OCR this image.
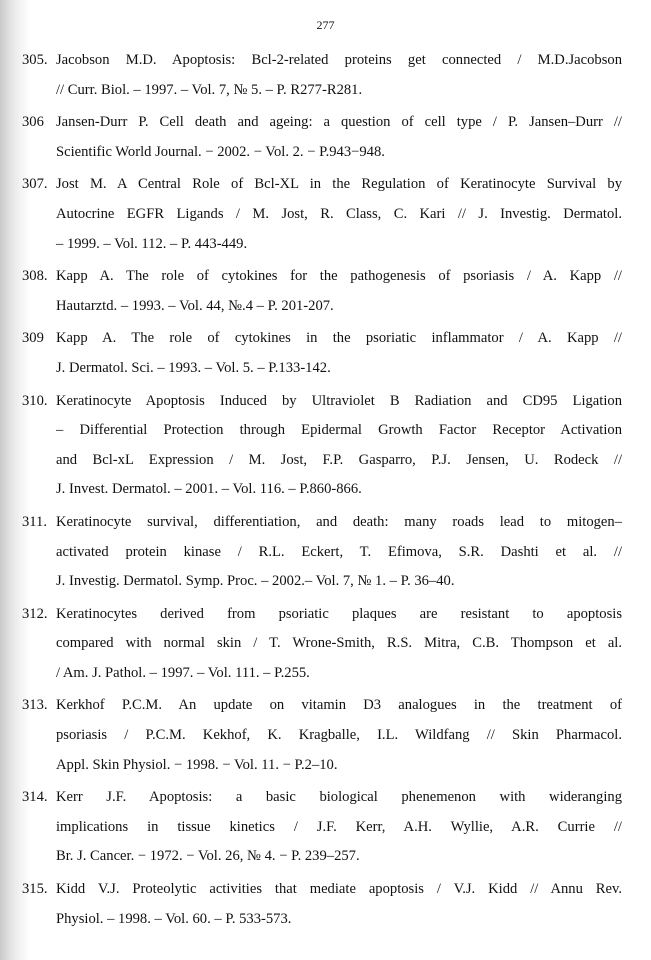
277
305. Jacobson M.D. Apoptosis: Bcl-2-related proteins get connected / M.D.Jacobson
// Curr. Biol. – 1997. – Vol. 7, № 5. – P. R277-R281.
306 Jansen-Durr P. Cell death and ageing: a question of cell type / P. Jansen–Durr //
Scientific World Journal. − 2002. − Vol. 2. − P.943−948.
307. Jost M. A Central Role of Bcl-XL in the Regulation of Keratinocyte Survival by
Autocrine EGFR Ligands / M. Jost, R. Class, C. Kari // J. Investig. Dermatol.
– 1999. – Vol. 112. – P. 443-449.
308. Kapp A. The role of cytokines for the pathogenesis of psoriasis / A. Kapp //
Hautarztd. – 1993. – Vol. 44, №.4 – P. 201-207.
309 Kapp A. The role of cytokines in the psoriatic inflammator / A. Kapp //
J. Dermatol. Sci. – 1993. – Vol. 5. – P.133-142.
310. Keratinocyte Apoptosis Induced by Ultraviolet B Radiation and CD95 Ligation
– Differential Protection through Epidermal Growth Factor Receptor Activation
and Bcl-xL Expression / M. Jost, F.P. Gasparro, P.J. Jensen, U. Rodeck //
J. Invest. Dermatol. – 2001. – Vol. 116. – P.860-866.
311. Keratinocyte survival, differentiation, and death: many roads lead to mitogen–
activated protein kinase / R.L. Eckert, T. Efimova, S.R. Dashti et al. //
J. Investig. Dermatol. Symp. Proc. – 2002.– Vol. 7, № 1. – P. 36–40.
312. Keratinocytes derived from psoriatic plaques are resistant to apoptosis
compared with normal skin / T. Wrone-Smith, R.S. Mitra, C.B. Thompson et al.
/ Am. J. Pathol. – 1997. – Vol. 111. – P.255.
313. Kerkhof P.C.M. An update on vitamin D3 analogues in the treatment of
psoriasis / P.C.M. Kekhof, K. Kragballe, I.L. Wildfang // Skin Pharmacol.
Appl. Skin Physiol. − 1998. − Vol. 11. − P.2–10.
314. Kerr J.F. Apoptosis: a basic biological phenemenon with wideranging
implications in tissue kinetics / J.F. Kerr, A.H. Wyllie, A.R. Currie //
Br. J. Cancer. − 1972. − Vol. 26, № 4. − P. 239–257.
315. Kidd V.J. Proteolytic activities that mediate apoptosis / V.J. Kidd // Annu Rev.
Physiol. – 1998. – Vol. 60. – P. 533-573.
